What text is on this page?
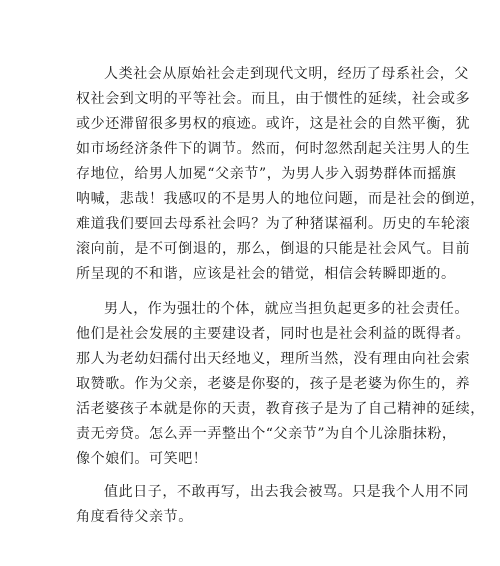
人类社会从原始社会走到现代文明，经历了母系社会，父
权社会到文明的平等社会。而且，由于惯性的延续，社会或多
或少还滞留很多男权的痕迹。或许，这是社会的自然平衡，犹
如市场经济条件下的调节。然而，何时忽然刮起关注男人的生
存地位，给男人加冕“父亲节”，为男人步入弱势群体而摇旗
呐喊，悲哉！我感叹的不是男人的地位问题，而是社会的倒逆，
难道我们要回去母系社会吗？为了种猪谋福利。历史的车轮滚
滚向前，是不可倒退的，那么，倒退的只能是社会风气。目前
所呈现的不和谐，应该是社会的错觉，相信会转瞬即逝的。
男人，作为强壮的个体，就应当担负起更多的社会责任。
他们是社会发展的主要建设者，同时也是社会利益的既得者。
那人为老幼妇孺付出天经地义，理所当然，没有理由向社会索
取赞歌。作为父亲，老婆是你娶的，孩子是老婆为你生的，养
活老婆孩子本就是你的天责，教育孩子是为了自己精神的延续，
责无旁贷。怎么弄一弄整出个“父亲节”为自个儿涂脂抹粉，
像个娘们。可笑吧！
值此日子，不敢再写，出去我会被骂。只是我个人用不同
角度看待父亲节。
